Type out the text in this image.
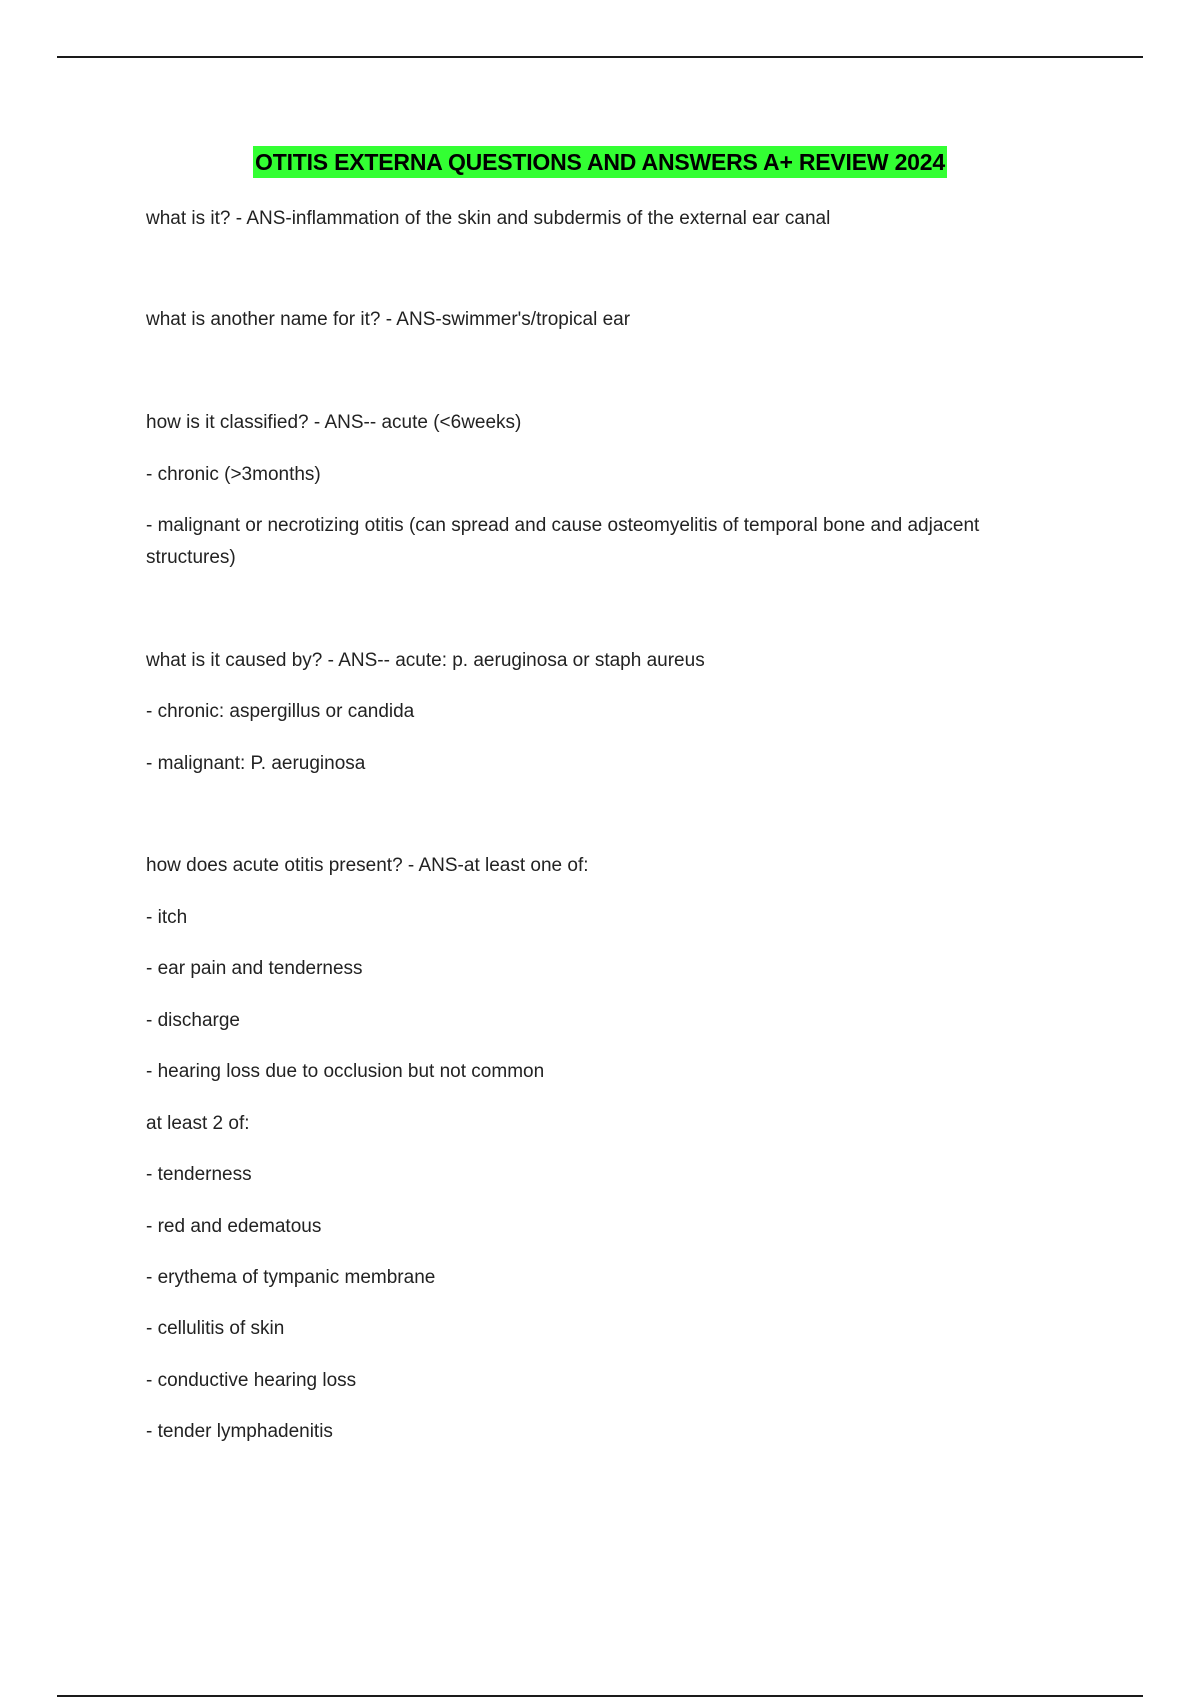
OTITIS EXTERNA QUESTIONS AND ANSWERS A+ REVIEW 2024
what is it? - ANS-inflammation of the skin and subdermis of the external ear canal
what is another name for it? - ANS-swimmer's/tropical ear
how is it classified? - ANS-- acute (<6weeks)
- chronic (>3months)
- malignant or necrotizing otitis (can spread and cause osteomyelitis of temporal bone and adjacent structures)
what is it caused by? - ANS-- acute: p. aeruginosa or staph aureus
- chronic: aspergillus or candida
- malignant: P. aeruginosa
how does acute otitis present? - ANS-at least one of:
- itch
- ear pain and tenderness
- discharge
- hearing loss due to occlusion but not common
at least 2 of:
- tenderness
- red and edematous
- erythema of tympanic membrane
- cellulitis of skin
- conductive hearing loss
- tender lymphadenitis
